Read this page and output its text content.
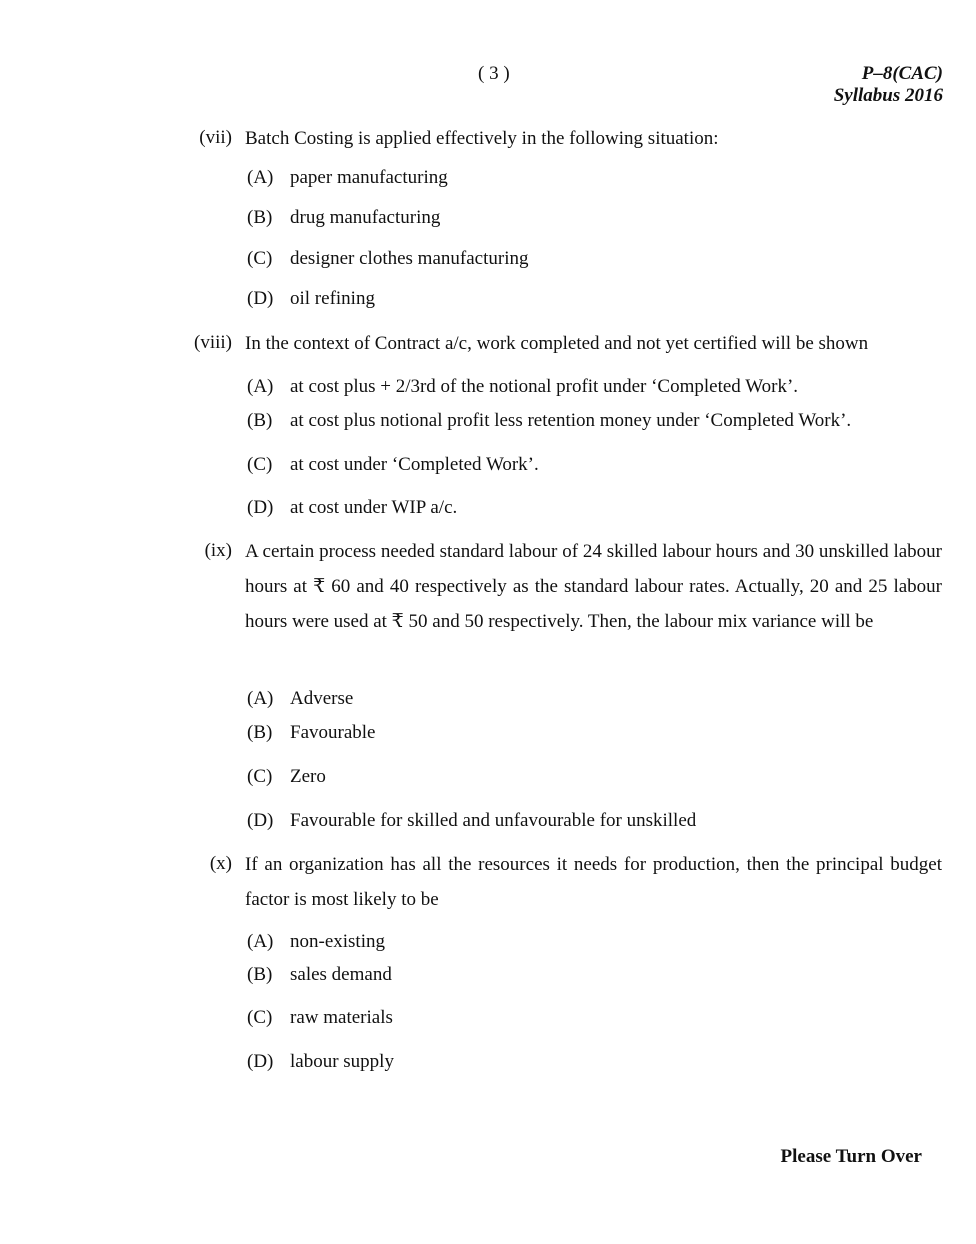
( 3 )	P–8(CAC)
Syllabus 2016
(vii) Batch Costing is applied effectively in the following situation:
(A) paper manufacturing
(B) drug manufacturing
(C) designer clothes manufacturing
(D) oil refining
(viii) In the context of Contract a/c, work completed and not yet certified will be shown
(A) at cost plus + 2/3rd of the notional profit under ‘Completed Work’.
(B) at cost plus notional profit less retention money under ‘Completed Work’.
(C) at cost under ‘Completed Work’.
(D) at cost under WIP a/c.
(ix) A certain process needed standard labour of 24 skilled labour hours and 30 unskilled labour hours at ₹ 60 and 40 respectively as the standard labour rates. Actually, 20 and 25 labour hours were used at ₹ 50 and 50 respectively. Then, the labour mix variance will be
(A) Adverse
(B) Favourable
(C) Zero
(D) Favourable for skilled and unfavourable for unskilled
(x) If an organization has all the resources it needs for production, then the principal budget factor is most likely to be
(A) non-existing
(B) sales demand
(C) raw materials
(D) labour supply
Please Turn Over
